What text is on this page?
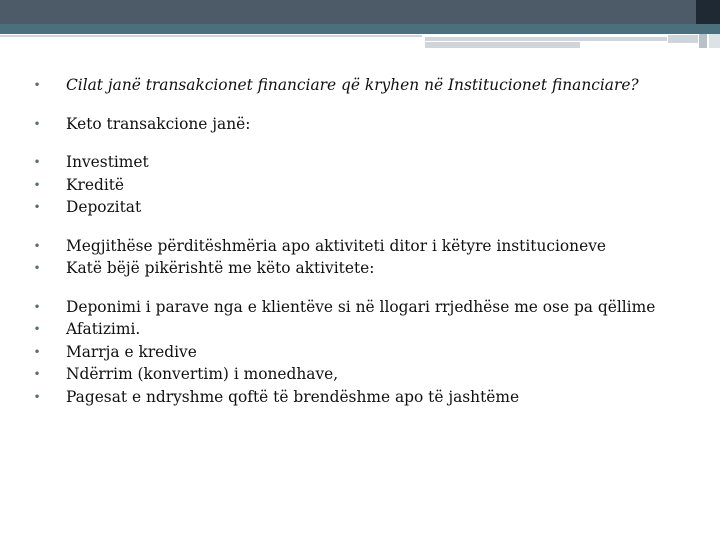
• Cilat janë transakcionet financiare që kryhen në Institucionet financiare?
• Keto transakcione janë:
• Investimet
• Kreditë
• Depozitat
• Megjithëse përditëshmëria apo aktiviteti ditor i këtyre institucioneve
• Katë bëjë pikërishtë me këto aktivitete:
• Deponimi i parave nga e klientëve si në llogari rrjedhëse me ose pa qëllime
• Afatizimi.
• Marrja e kredive
• Ndërrim (konvertim) i monedhave,
• Pagesat e ndryshme qoftë të brendëshme apo të jashtëme
